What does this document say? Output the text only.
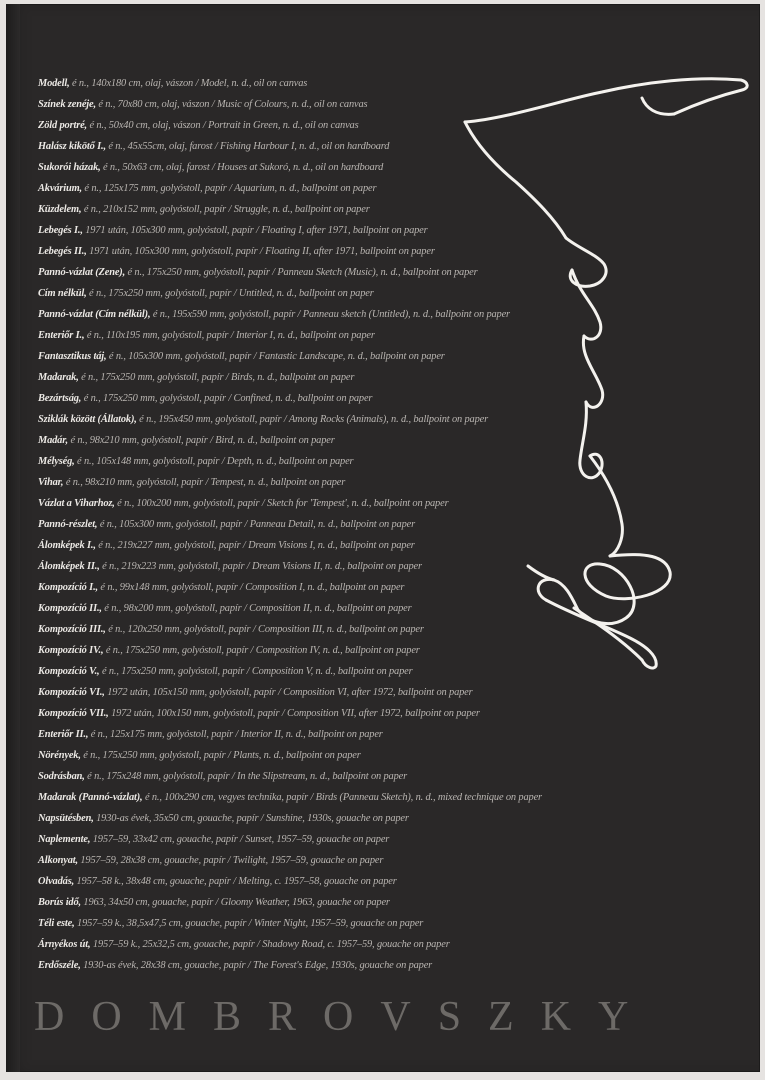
Modell, é n., 140x180 cm, olaj, vászon / Model, n. d., oil on canvas
Színek zenéje, é n., 70x80 cm, olaj, vászon / Music of Colours, n. d., oil on canvas
Zöld portré, é n., 50x40 cm, olaj, vászon / Portrait in Green, n. d., oil on canvas
Halász kikötő I., é n., 45x55cm, olaj, farost / Fishing Harbour I, n. d., oil on hardboard
Sukorói házak, é n., 50x63 cm, olaj, farost / Houses at Sukoró, n. d., oil on hardboard
Akvárium, é n., 125x175 mm, golyóstoll, papír / Aquarium, n. d., ballpoint on paper
Küzdelem, é n., 210x152 mm, golyóstoll, papír / Struggle, n. d., ballpoint on paper
Lebegés I., 1971 után, 105x300 mm, golyóstoll, papír / Floating I, after 1971, ballpoint on paper
Lebegés II., 1971 után, 105x300 mm, golyóstoll, papír / Floating II, after 1971, ballpoint on paper
Pannó-vázlat (Zene), é n., 175x250 mm, golyóstoll, papír / Panneau Sketch (Music), n. d., ballpoint on paper
Cím nélkül, é n., 175x250 mm, golyóstoll, papír / Untitled, n. d., ballpoint on paper
Pannó-vázlat (Cím nélkül), é n., 195x590 mm, golyóstoll, papír / Panneau sketch (Untitled), n. d., ballpoint on paper
Enteriőr I., é n., 110x195 mm, golyóstoll, papír / Interior I, n. d., ballpoint on paper
Fantasztikus táj, é n., 105x300 mm, golyóstoll, papír / Fantastic Landscape, n. d., ballpoint on paper
Madarak, é n., 175x250 mm, golyóstoll, papír / Birds, n. d., ballpoint on paper
Bezártság, é n., 175x250 mm, golyóstoll, papír / Confined, n. d., ballpoint on paper
Sziklák között (Állatok), é n., 195x450 mm, golyóstoll, papír / Among Rocks (Animals), n. d., ballpoint on paper
Madár, é n., 98x210 mm, golyóstoll, papír / Bird, n. d., ballpoint on paper
Mélység, é n., 105x148 mm, golyóstoll, papír / Depth, n. d., ballpoint on paper
Vihar, é n., 98x210 mm, golyóstoll, papír / Tempest, n. d., ballpoint on paper
Vázlat a Viharhoz, é n., 100x200 mm, golyóstoll, papír / Sketch for 'Tempest', n. d., ballpoint on paper
Pannó-részlet, é n., 105x300 mm, golyóstoll, papír / Panneau Detail, n. d., ballpoint on paper
Álomképek I., é n., 219x227 mm, golyóstoll, papír / Dream Visions I, n. d., ballpoint on paper
Álomképek II., é n., 219x223 mm, golyóstoll, papír / Dream Visions II, n. d., ballpoint on paper
Kompozíció I., é n., 99x148 mm, golyóstoll, papír / Composition I, n. d., ballpoint on paper
Kompozíció II., é n., 98x200 mm, golyóstoll, papír / Composition II, n. d., ballpoint on paper
Kompozíció III., é n., 120x250 mm, golyóstoll, papír / Composition III, n. d., ballpoint on paper
Kompozíció IV., é n., 175x250 mm, golyóstoll, papír / Composition IV, n. d., ballpoint on paper
Kompozíció V., é n., 175x250 mm, golyóstoll, papír / Composition V, n. d., ballpoint on paper
Kompozíció VI., 1972 után, 105x150 mm, golyóstoll, papír / Composition VI, after 1972, ballpoint on paper
Kompozíció VII., 1972 után, 100x150 mm, golyóstoll, papír / Composition VII, after 1972, ballpoint on paper
Enteriőr II., é n., 125x175 mm, golyóstoll, papír / Interior II, n. d., ballpoint on paper
Nörények, é n., 175x250 mm, golyóstoll, papír / Plants, n. d., ballpoint on paper
Sodrásban, é n., 175x248 mm, golyóstoll, papír / In the Slipstream, n. d., ballpoint on paper
Madarak (Pannó-vázlat), é n., 100x290 cm, vegyes technika, papír / Birds (Panneau Sketch), n. d., mixed technique on paper
Napsütésben, 1930-as évek, 35x50 cm, gouache, papír / Sunshine, 1930s, gouache on paper
Naplemente, 1957–59, 33x42 cm, gouache, papír / Sunset, 1957–59, gouache on paper
Alkonyat, 1957–59, 28x38 cm, gouache, papír / Twilight, 1957–59, gouache on paper
Olvadás, 1957–58 k., 38x48 cm, gouache, papír / Melting, c. 1957–58, gouache on paper
Borús idő, 1963, 34x50 cm, gouache, papír / Gloomy Weather, 1963, gouache on paper
Téli este, 1957–59 k., 38,5x47,5 cm, gouache, papír / Winter Night, 1957–59, gouache on paper
Árnyékos út, 1957–59 k., 25x32,5 cm, gouache, papír / Shadowy Road, c. 1957–59, gouache on paper
Erdőszéle, 1930-as évek, 28x38 cm, gouache, papír / The Forest's Edge, 1930s, gouache on paper
DOMBROVSZKY
